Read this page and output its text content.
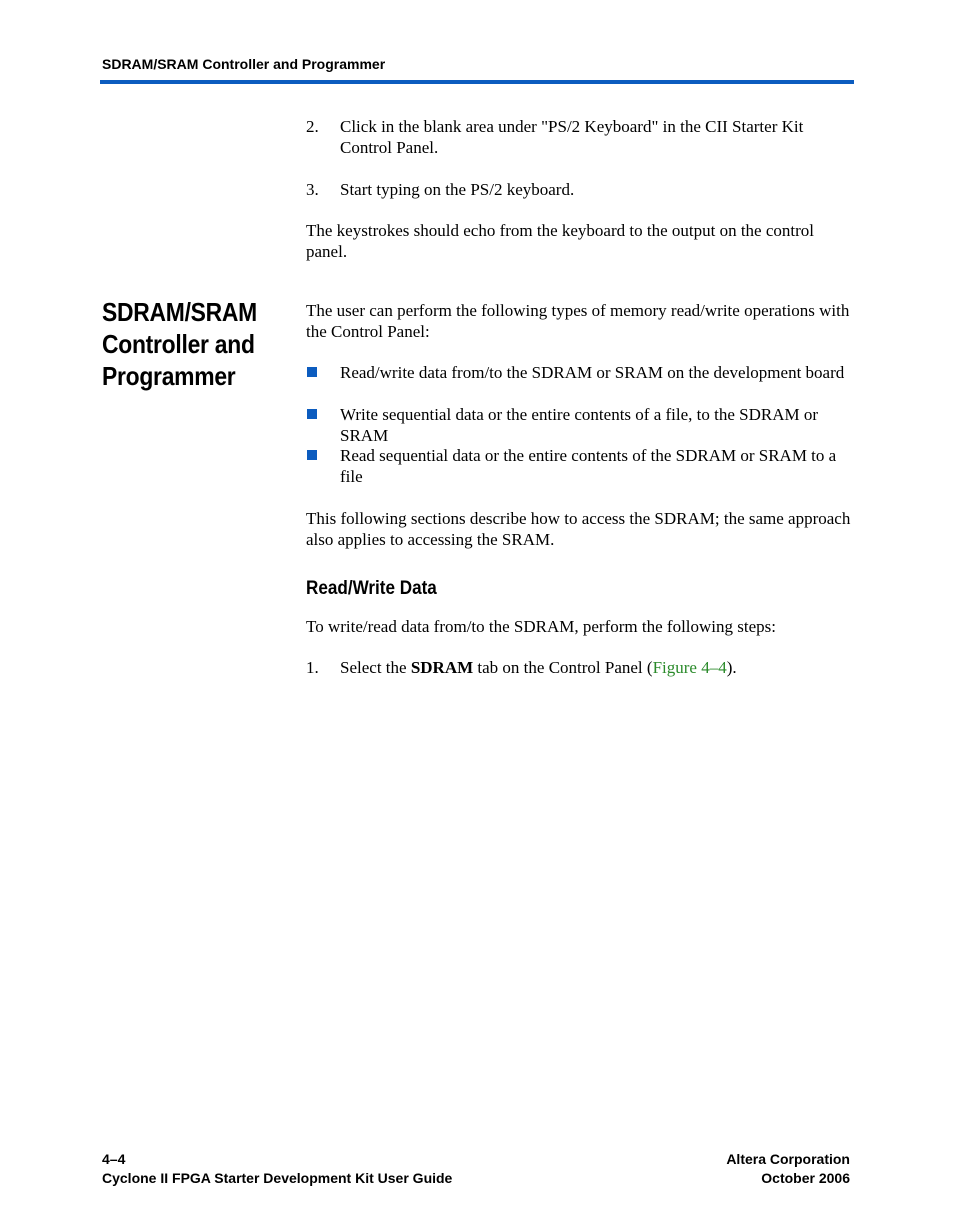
SDRAM/SRAM Controller and Programmer
2. Click in the blank area under "PS/2 Keyboard" in the CII Starter Kit Control Panel.
3. Start typing on the PS/2 keyboard.
The keystrokes should echo from the keyboard to the output on the control panel.
SDRAM/SRAM Controller and Programmer
The user can perform the following types of memory read/write operations with the Control Panel:
Read/write data from/to the SDRAM or SRAM on the development board
Write sequential data or the entire contents of a file, to the SDRAM or SRAM
Read sequential data or the entire contents of the SDRAM or SRAM to a file
This following sections describe how to access the SDRAM; the same approach also applies to accessing the SRAM.
Read/Write Data
To write/read data from/to the SDRAM, perform the following steps:
1. Select the SDRAM tab on the Control Panel (Figure 4–4).
4–4
Cyclone II FPGA Starter Development Kit User Guide
Altera Corporation
October 2006
